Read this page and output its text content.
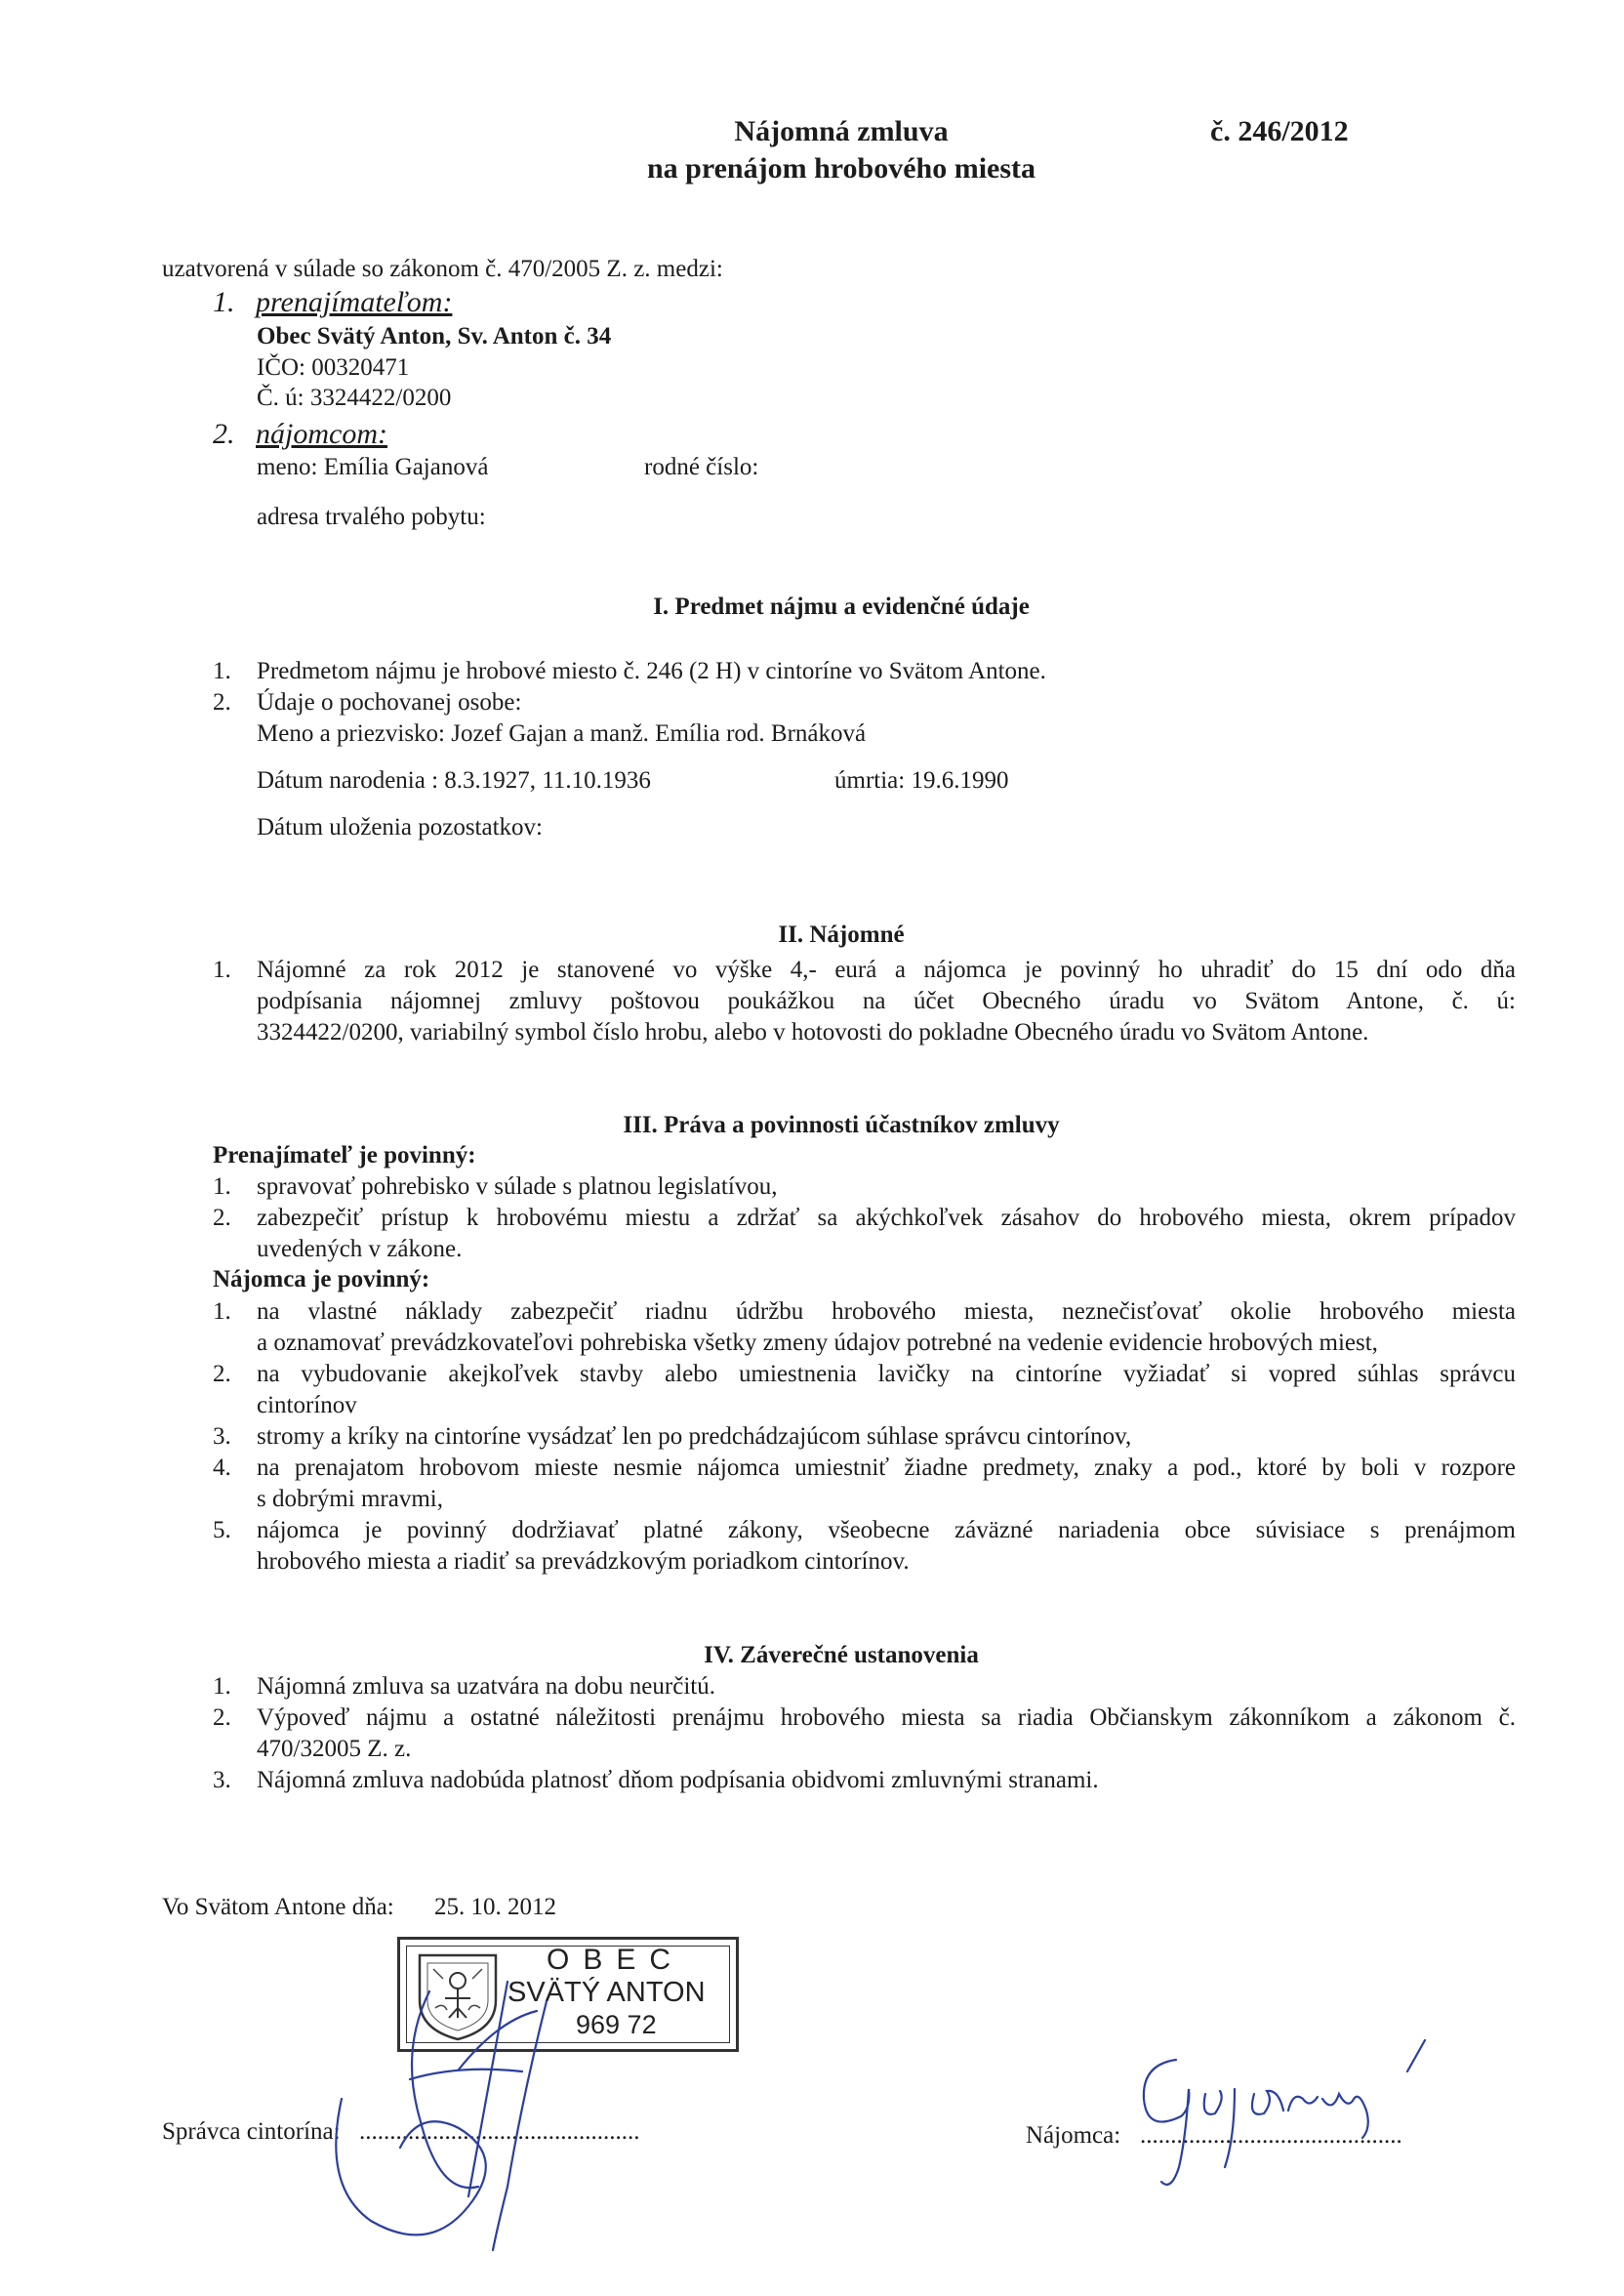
Nájomná zmluva
na prenájom hrobového miesta
č. 246/2012
uzatvorená v súlade so zákonom č. 470/2005 Z. z. medzi:
1. prenajímateľom:
Obec Svätý Anton, Sv. Anton č. 34
IČO: 00320471
Č. ú: 3324422/0200
2. nájomcom:
meno: Emília Gajanová	rodné číslo:
adresa trvalého pobytu:
I. Predmet nájmu a evidenčné údaje
1. Predmetom nájmu je hrobové miesto č. 246 (2 H) v cintoríne vo Svätom Antone.
2. Údaje o pochovanej osobe:
Meno a priezvisko: Jozef Gajan a manž. Emília rod. Brnáková
Dátum narodenia : 8.3.1927, 11.10.1936	úmrtia: 19.6.1990
Dátum uloženia pozostatkov:
II. Nájomné
1. Nájomné za rok 2012 je stanovené vo výške 4,- eurá a nájomca je povinný ho uhradiť do 15 dní odo dňa
podpísania nájomnej zmluvy poštovou poukážkou na účet Obecného úradu vo Svätom Antone, č. ú:
3324422/0200, variabilný symbol číslo hrobu, alebo v hotovosti do pokladne Obecného úradu vo Svätom Antone.
III. Práva a povinnosti účastníkov zmluvy
Prenajímateľ je povinný:
1. spravovať pohrebisko v súlade s platnou legislatívou,
2. zabezpečiť prístup k hrobovému miestu a zdržať sa akýchkoľvek zásahov do hrobového miesta, okrem prípadov
uvedených v zákone.
Nájomca je povinný:
1. na vlastné náklady zabezpečiť riadnu údržbu hrobového miesta, neznečisťovať okolie hrobového miesta
a oznamovať prevádzkovateľovi pohrebiska všetky zmeny údajov potrebné na vedenie evidencie hrobových miest,
2. na vybudovanie akejkoľvek stavby alebo umiestnenia lavičky na cintoríne vyžiadať si vopred súhlas správcu
cintorínov
3. stromy a kríky na cintoríne vysádzať len po predchádzajúcom súhlase správcu cintorínov,
4. na prenajatom hrobovom mieste nesmie nájomca umiestniť žiadne predmety, znaky a pod., ktoré by boli v rozpore
s dobrými mravmi,
5. nájomca je povinný dodržiavať platné zákony, všeobecne záväzné nariadenia obce súvisiace s prenájmom
hrobového miesta a riadiť sa prevádzkovým poriadkom cintorínov.
IV. Záverečné ustanovenia
1. Nájomná zmluva sa uzatvára na dobu neurčitú.
2. Výpoveď nájmu a ostatné náležitosti prenájmu hrobového miesta sa riadia Občianskym zákonníkom a zákonom č.
470/32005 Z. z.
3. Nájomná zmluva nadobúda platnosť dňom podpísania obidvomi zmluvnými stranami.
Vo Svätom Antone dňa: 25. 10. 2012
OBEC
SVÄTÝ ANTON
969 72
Správca cintorína: ..............................................	Nájomca: ...........................................
